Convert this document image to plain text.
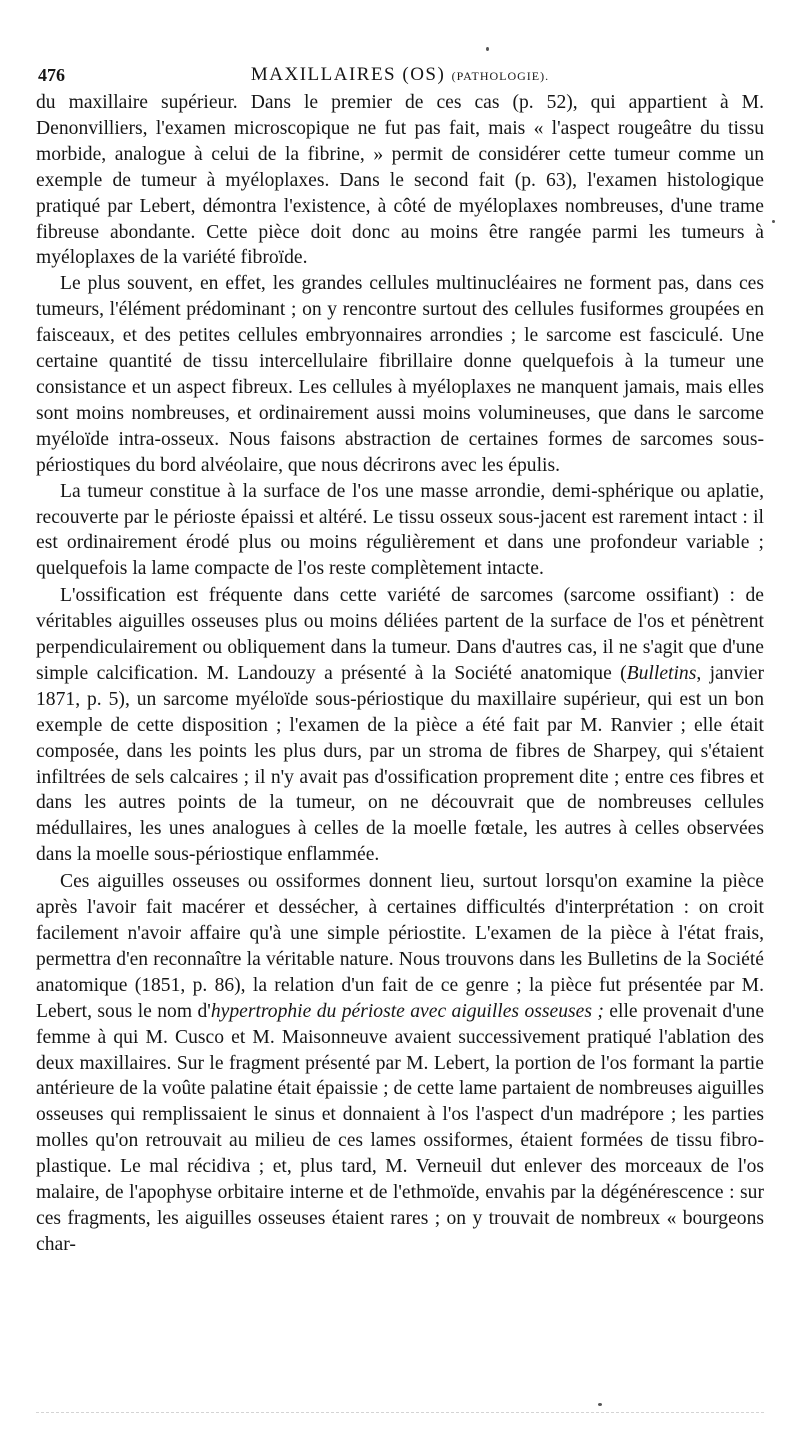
476	MAXILLAIRES (OS) (PATHOLOGIE).

du maxillaire supérieur. Dans le premier de ces cas (p. 52), qui appartient à M. Denonvilliers, l'examen microscopique ne fut pas fait, mais « l'aspect rougeâtre du tissu morbide, analogue à celui de la fibrine, » permit de considérer cette tumeur comme un exemple de tumeur à myéloplaxes. Dans le second fait (p. 63), l'examen histologique pratiqué par Lebert, démontra l'existence, à côté de myéloplaxes nombreuses, d'une trame fibreuse abondante. Cette pièce doit donc au moins être rangée parmi les tumeurs à myéloplaxes de la variété fibroïde.

Le plus souvent, en effet, les grandes cellules multinucléaires ne forment pas, dans ces tumeurs, l'élément prédominant ; on y rencontre surtout des cellules fusiformes groupées en faisceaux, et des petites cellules embryonnaires arrondies ; le sarcome est fasciculé. Une certaine quantité de tissu intercellulaire fibrillaire donne quelquefois à la tumeur une consistance et un aspect fibreux. Les cellules à myéloplaxes ne manquent jamais, mais elles sont moins nombreuses, et ordinairement aussi moins volumineuses, que dans le sarcome myéloïde intra-osseux. Nous faisons abstraction de certaines formes de sarcomes sous-périostiques du bord alvéolaire, que nous décrirons avec les épulis.

La tumeur constitue à la surface de l'os une masse arrondie, demi-sphérique ou aplatie, recouverte par le périoste épaissi et altéré. Le tissu osseux sous-jacent est rarement intact : il est ordinairement érodé plus ou moins régulièrement et dans une profondeur variable ; quelquefois la lame compacte de l'os reste complètement intacte.

L'ossification est fréquente dans cette variété de sarcomes (sarcome ossifiant) : de véritables aiguilles osseuses plus ou moins déliées partent de la surface de l'os et pénètrent perpendiculairement ou obliquement dans la tumeur. Dans d'autres cas, il ne s'agit que d'une simple calcification. M. Landouzy a présenté à la Société anatomique (Bulletins, janvier 1871, p. 5), un sarcome myéloïde sous-périostique du maxillaire supérieur, qui est un bon exemple de cette disposition ; l'examen de la pièce a été fait par M. Ranvier ; elle était composée, dans les points les plus durs, par un stroma de fibres de Sharpey, qui s'étaient infiltrées de sels calcaires ; il n'y avait pas d'ossification proprement dite ; entre ces fibres et dans les autres points de la tumeur, on ne découvrait que de nombreuses cellules médullaires, les unes analogues à celles de la moelle fœtale, les autres à celles observées dans la moelle sous-périostique enflammée.

Ces aiguilles osseuses ou ossiformes donnent lieu, surtout lorsqu'on examine la pièce après l'avoir fait macérer et dessécher, à certaines difficultés d'interprétation : on croit facilement n'avoir affaire qu'à une simple périostite. L'examen de la pièce à l'état frais, permettra d'en reconnaître la véritable nature. Nous trouvons dans les Bulletins de la Société anatomique (1851, p. 86), la relation d'un fait de ce genre ; la pièce fut présentée par M. Lebert, sous le nom d'hypertrophie du périoste avec aiguilles osseuses ; elle provenait d'une femme à qui M. Cusco et M. Maisonneuve avaient successivement pratiqué l'ablation des deux maxillaires. Sur le fragment présenté par M. Lebert, la portion de l'os formant la partie antérieure de la voûte palatine était épaissie ; de cette lame partaient de nombreuses aiguilles osseuses qui remplissaient le sinus et donnaient à l'os l'aspect d'un madrépore ; les parties molles qu'on retrouvait au milieu de ces lames ossiformes, étaient formées de tissu fibro-plastique. Le mal récidiva ; et, plus tard, M. Verneuil dut enlever des morceaux de l'os malaire, de l'apophyse orbitaire interne et de l'ethmoïde, envahis par la dégénérescence : sur ces fragments, les aiguilles osseuses étaient rares ; on y trouvait de nombreux « bourgeons char-
